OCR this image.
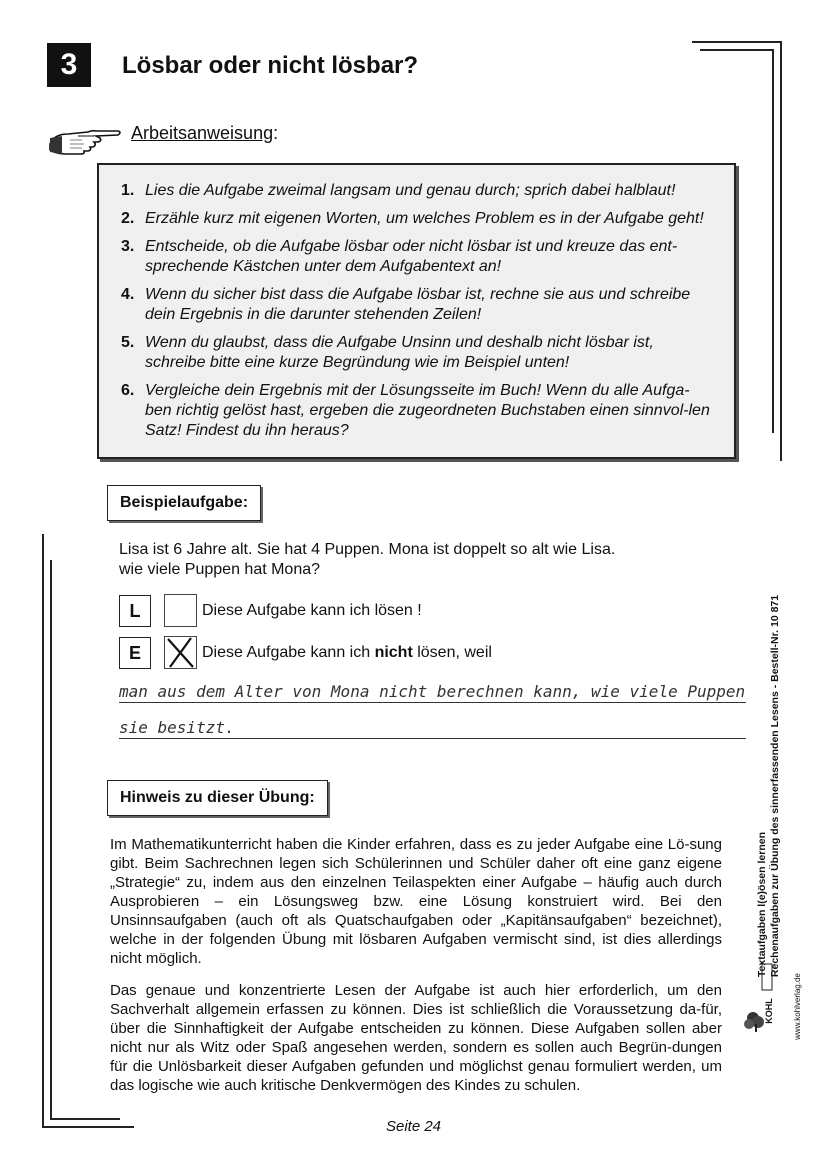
3	Lösbar oder nicht lösbar?
Arbeitsanweisung:
1. Lies die Aufgabe zweimal langsam und genau durch; sprich dabei halblaut!
2. Erzähle kurz mit eigenen Worten, um welches Problem es in der Aufgabe geht!
3. Entscheide, ob die Aufgabe lösbar oder nicht lösbar ist und kreuze das ent-sprechende Kästchen unter dem Aufgabentext an!
4. Wenn du sicher bist dass die Aufgabe lösbar ist, rechne sie aus und schreibe dein Ergebnis in die darunter stehenden Zeilen!
5. Wenn du glaubst, dass die Aufgabe Unsinn und deshalb nicht lösbar ist, schreibe bitte eine kurze Begründung wie im Beispiel unten!
6. Vergleiche dein Ergebnis mit der Lösungsseite im Buch! Wenn du alle Aufga-ben richtig gelöst hast, ergeben die zugeordneten Buchstaben einen sinnvol-len Satz! Findest du ihn heraus?
Beispielaufgabe:
Lisa ist 6 Jahre alt. Sie hat 4 Puppen. Mona ist doppelt so alt wie Lisa.
wie viele Puppen hat Mona?
L	Diese Aufgabe kann ich lösen !
E	Diese Aufgabe kann ich nicht lösen, weil
man aus dem Alter von Mona nicht berechnen kann, wie viele Puppen
sie besitzt.
Hinweis zu dieser Übung:
Im Mathematikunterricht haben die Kinder erfahren, dass es zu jeder Aufgabe eine Lö-sung gibt. Beim Sachrechnen legen sich Schülerinnen und Schüler daher oft eine ganz eigene „Strategie“ zu, indem aus den einzelnen Teilaspekten einer Aufgabe – häufig auch durch Ausprobieren – ein Lösungsweg bzw. eine Lösung konstruiert wird. Bei den Unsinnsaufgaben (auch oft als Quatschaufgaben oder „Kapitänsaufgaben“ bezeichnet), welche in der folgenden Übung mit lösbaren Aufgaben vermischt sind, ist dies allerdings nicht möglich.
Das genaue und konzentrierte Lesen der Aufgabe ist auch hier erforderlich, um den Sachverhalt allgemein erfassen zu können. Dies ist schließlich die Voraussetzung da-für, über die Sinnhaftigkeit der Aufgabe entscheiden zu können. Diese Aufgaben sollen aber nicht nur als Witz oder Spaß angesehen werden, sondern es sollen auch Begrün-dungen für die Unlösbarkeit dieser Aufgaben gefunden und möglichst genau formuliert werden, um das logische wie auch kritische Denkvermögen des Kindes zu schulen.
Textaufgaben l(e)ösen lernen Rechenaufgaben zur Übung des sinnerfassenden Lesens - Bestell-Nr. 10 871
www.kohlverlag.de
KOHL
Seite 24
